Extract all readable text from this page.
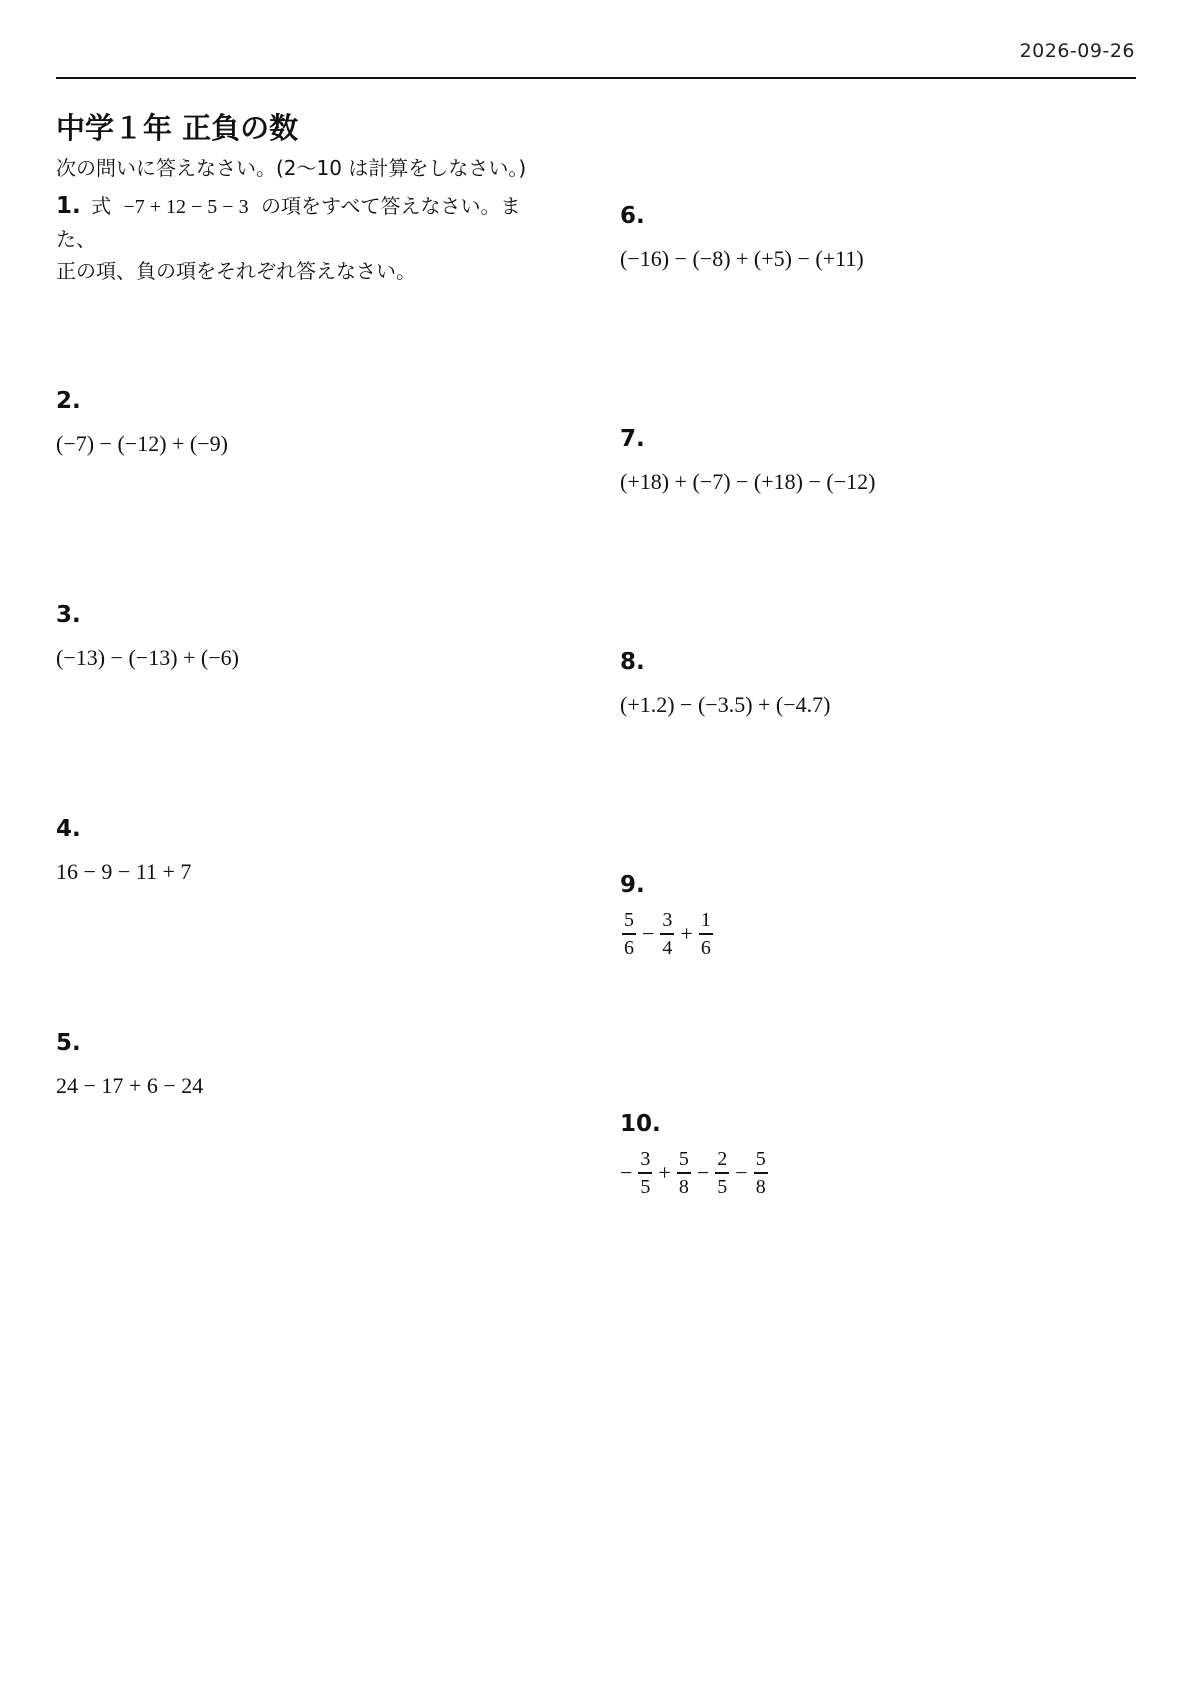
2026-09-26
中学１年 正負の数
次の問いに答えなさい。(2～10 は計算をしなさい。)
1. 式 −7 + 12 − 5 − 3 の項をすべて答えなさい。また、
正の項、負の項をそれぞれ答えなさい。
2.
(−7) − (−12) + (−9)
3.
(−13) − (−13) + (−6)
4.
16 − 9 − 11 + 7
5.
24 − 17 + 6 − 24
6.
(−16) − (−8) + (+5) − (+11)
7.
(+18) + (−7) − (+18) − (−12)
8.
(+1.2) − (−3.5) + (−4.7)
9.
$\frac{5}{6} - \frac{3}{4} + \frac{1}{6}$
10.
− $\frac{3}{5} + \frac{5}{8} - \frac{2}{5} - \frac{5}{8}$
